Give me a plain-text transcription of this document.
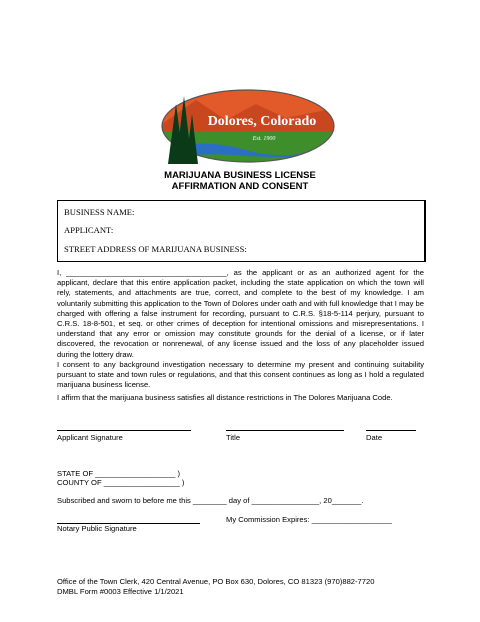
Dolores, Colorado
Est. 1900
MARIJUANA BUSINESS LICENSE
AFFIRMATION AND CONSENT
BUSINESS NAME:
APPLICANT:
STREET ADDRESS OF MARIJUANA BUSINESS:
I, ______________________________________, as the applicant or as an authorized agent for the applicant, declare that this entire application packet, including the state application on which the town will rely, statements, and attachments are true, correct, and complete to the best of my knowledge. I am voluntarily submitting this application to the Town of Dolores under oath and with full knowledge that I may be charged with offering a false instrument for recording, pursuant to C.R.S. §18-5-114 perjury, pursuant to C.R.S. 18-8-501, et seq. or other crimes of deception for intentional omissions and misrepresentations. I understand that any error or omission may constitute grounds for the denial of a license, or if later discovered, the revocation or nonrenewal, of any license issued and the loss of any placeholder issued during the lottery draw.
I consent to any background investigation necessary to determine my present and continuing suitability pursuant to state and town rules or regulations, and that this consent continues as long as I hold a regulated marijuana business license.
I affirm that the marijuana business satisfies all distance restrictions in The Dolores Marijuana Code.
Applicant Signature	Title	Date
STATE OF ___________________ )
COUNTY OF __________________ )
Subscribed and sworn to before me this ________ day of ________________, 20_______.
My Commission Expires: ___________________
Notary Public Signature
Office of the Town Clerk, 420 Central Avenue, PO Box 630, Dolores, CO 81323 (970)882-7720
DMBL Form #0003 Effective 1/1/2021
